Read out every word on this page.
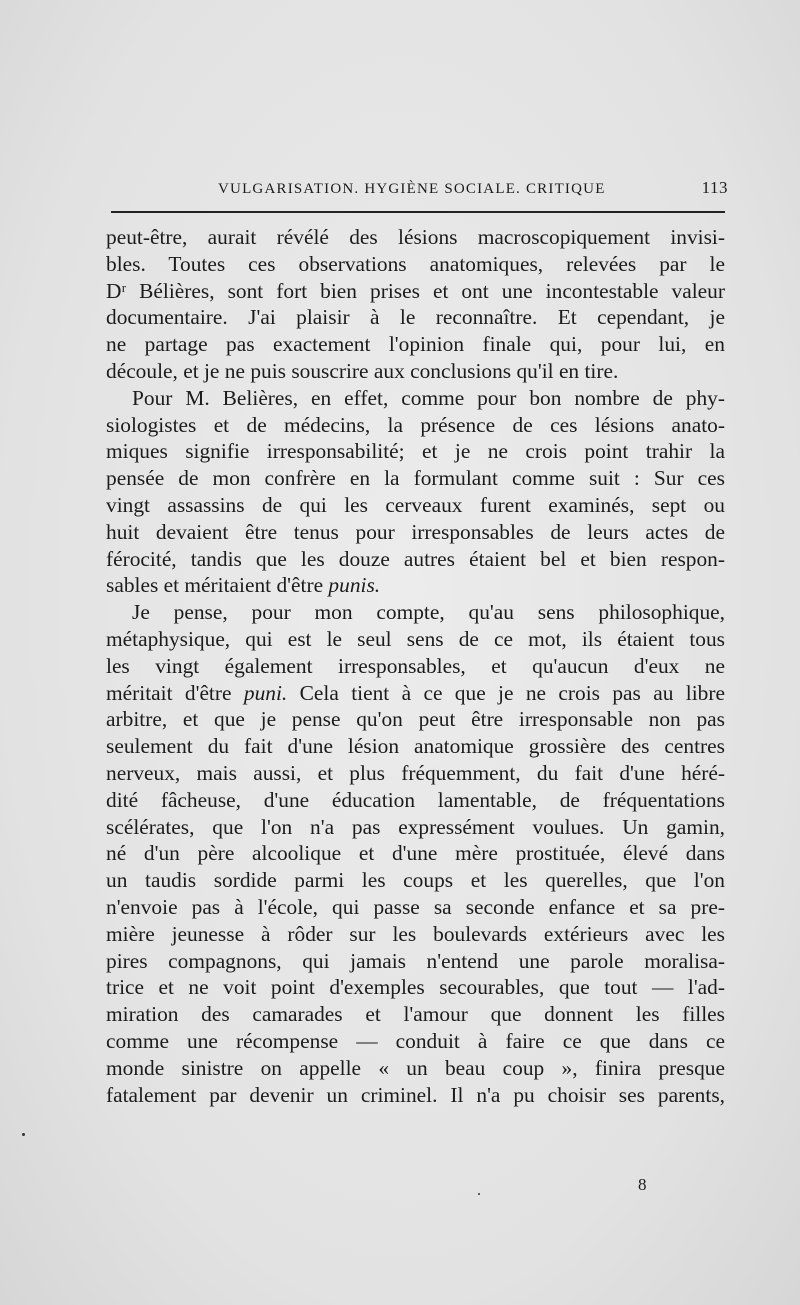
VULGARISATION. HYGIÈNE SOCIALE. CRITIQUE	113
peut-être, aurait révélé des lésions macroscopiquement invisi-
bles. Toutes ces observations anatomiques, relevées par le
Dʳ Bélières, sont fort bien prises et ont une incontestable valeur
documentaire. J'ai plaisir à le reconnaître. Et cependant, je
ne partage pas exactement l'opinion finale qui, pour lui, en
découle, et je ne puis souscrire aux conclusions qu'il en tire.
Pour M. Belières, en effet, comme pour bon nombre de phy-
siologistes et de médecins, la présence de ces lésions anato-
miques signifie irresponsabilité; et je ne crois point trahir la
pensée de mon confrère en la formulant comme suit : Sur ces
vingt assassins de qui les cerveaux furent examinés, sept ou
huit devaient être tenus pour irresponsables de leurs actes de
férocité, tandis que les douze autres étaient bel et bien respon-
sables et méritaient d'être punis.
Je pense, pour mon compte, qu'au sens philosophique,
métaphysique, qui est le seul sens de ce mot, ils étaient tous
les vingt également irresponsables, et qu'aucun d'eux ne
méritait d'être puni. Cela tient à ce que je ne crois pas au libre
arbitre, et que je pense qu'on peut être irresponsable non pas
seulement du fait d'une lésion anatomique grossière des centres
nerveux, mais aussi, et plus fréquemment, du fait d'une héré-
dité fâcheuse, d'une éducation lamentable, de fréquentations
scélérates, que l'on n'a pas expressément voulues. Un gamin,
né d'un père alcoolique et d'une mère prostituée, élevé dans
un taudis sordide parmi les coups et les querelles, que l'on
n'envoie pas à l'école, qui passe sa seconde enfance et sa pre-
mière jeunesse à rôder sur les boulevards extérieurs avec les
pires compagnons, qui jamais n'entend une parole moralisa-
trice et ne voit point d'exemples secourables, que tout — l'ad-
miration des camarades et l'amour que donnent les filles
comme une récompense — conduit à faire ce que dans ce
monde sinistre on appelle « un beau coup », finira presque
fatalement par devenir un criminel. Il n'a pu choisir ses parents,
8
